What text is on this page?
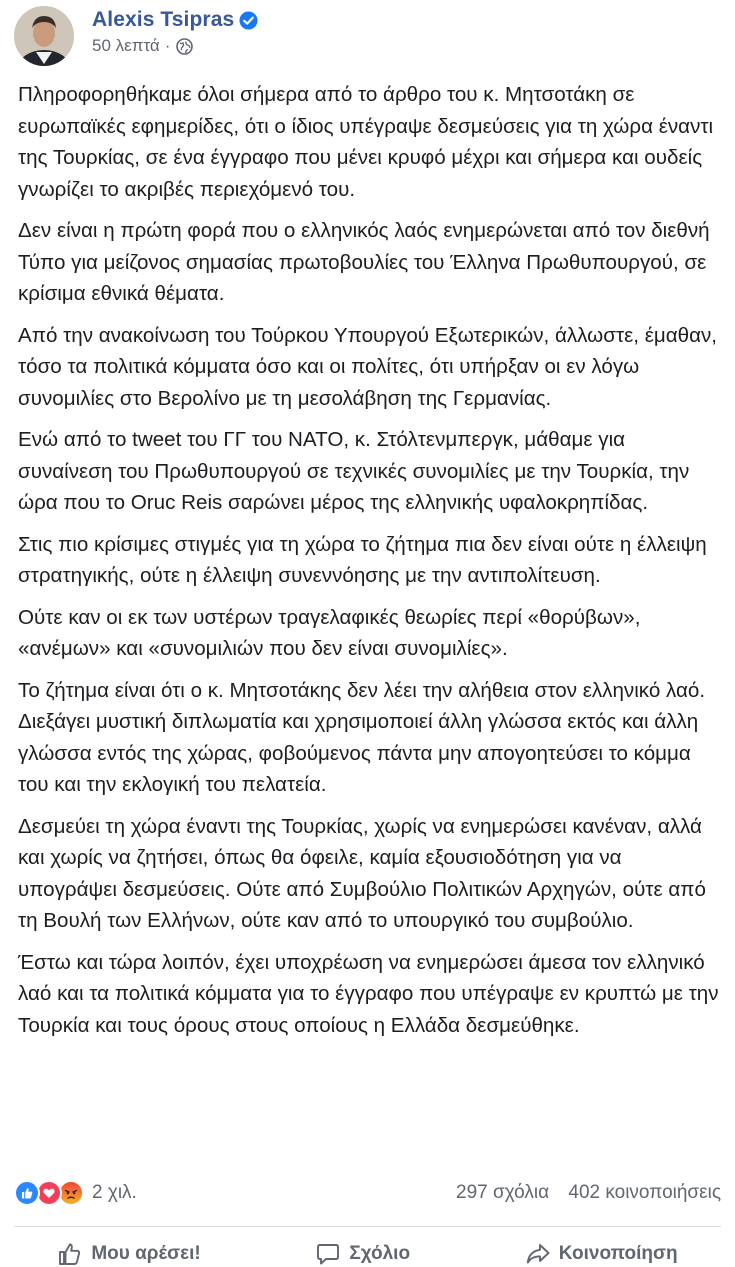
Alexis Tsipras
50 λεπτά ·

Πληροφορηθήκαμε όλοι σήμερα από το άρθρο του κ. Μητσοτάκη σε ευρωπαϊκές εφημερίδες, ότι ο ίδιος υπέγραψε δεσμεύσεις για τη χώρα έναντι της Τουρκίας, σε ένα έγγραφο που μένει κρυφό μέχρι και σήμερα και ουδείς γνωρίζει το ακριβές περιεχόμενό του.

Δεν είναι η πρώτη φορά που ο ελληνικός λαός ενημερώνεται από τον διεθνή Τύπο για μείζονος σημασίας πρωτοβουλίες του Έλληνα Πρωθυπουργού, σε κρίσιμα εθνικά θέματα.

Από την ανακοίνωση του Τούρκου Υπουργού Εξωτερικών, άλλωστε, έμαθαν, τόσο τα πολιτικά κόμματα όσο και οι πολίτες, ότι υπήρξαν οι εν λόγω συνομιλίες στο Βερολίνο με τη μεσολάβηση της Γερμανίας.

Ενώ από το tweet του ΓΓ του ΝΑΤΟ, κ. Στόλτενμπεργκ, μάθαμε για συναίνεση του Πρωθυπουργού σε τεχνικές συνομιλίες με την Τουρκία, την ώρα που το Oruc Reis σαρώνει μέρος της ελληνικής υφαλοκρηπίδας.

Στις πιο κρίσιμες στιγμές για τη χώρα το ζήτημα πια δεν είναι ούτε η έλλειψη στρατηγικής, ούτε η έλλειψη συνεννόησης με την αντιπολίτευση.

Ούτε καν οι εκ των υστέρων τραγελαφικές θεωρίες περί «θορύβων», «ανέμων» και «συνομιλιών που δεν είναι συνομιλίες».

Το ζήτημα είναι ότι ο κ. Μητσοτάκης δεν λέει την αλήθεια στον ελληνικό λαό. Διεξάγει μυστική διπλωματία και χρησιμοποιεί άλλη γλώσσα εκτός και άλλη γλώσσα εντός της χώρας, φοβούμενος πάντα μην απογοητεύσει το κόμμα του και την εκλογική του πελατεία.

Δεσμεύει τη χώρα έναντι της Τουρκίας, χωρίς να ενημερώσει κανέναν, αλλά και χωρίς να ζητήσει, όπως θα όφειλε, καμία εξουσιοδότηση για να υπογράψει δεσμεύσεις. Ούτε από Συμβούλιο Πολιτικών Αρχηγών, ούτε από τη Βουλή των Ελλήνων, ούτε καν από το υπουργικό του συμβούλιο.

Έστω και τώρα λοιπόν, έχει υποχρέωση να ενημερώσει άμεσα τον ελληνικό λαό και τα πολιτικά κόμματα για το έγγραφο που υπέγραψε εν κρυπτώ με την Τουρκία και τους όρους στους οποίους η Ελλάδα δεσμεύθηκε.

2 χιλ.	297 σχόλια 402 κοινοποιήσεις
Μου αρέσει!	Σχόλιο	Κοινοποίηση
